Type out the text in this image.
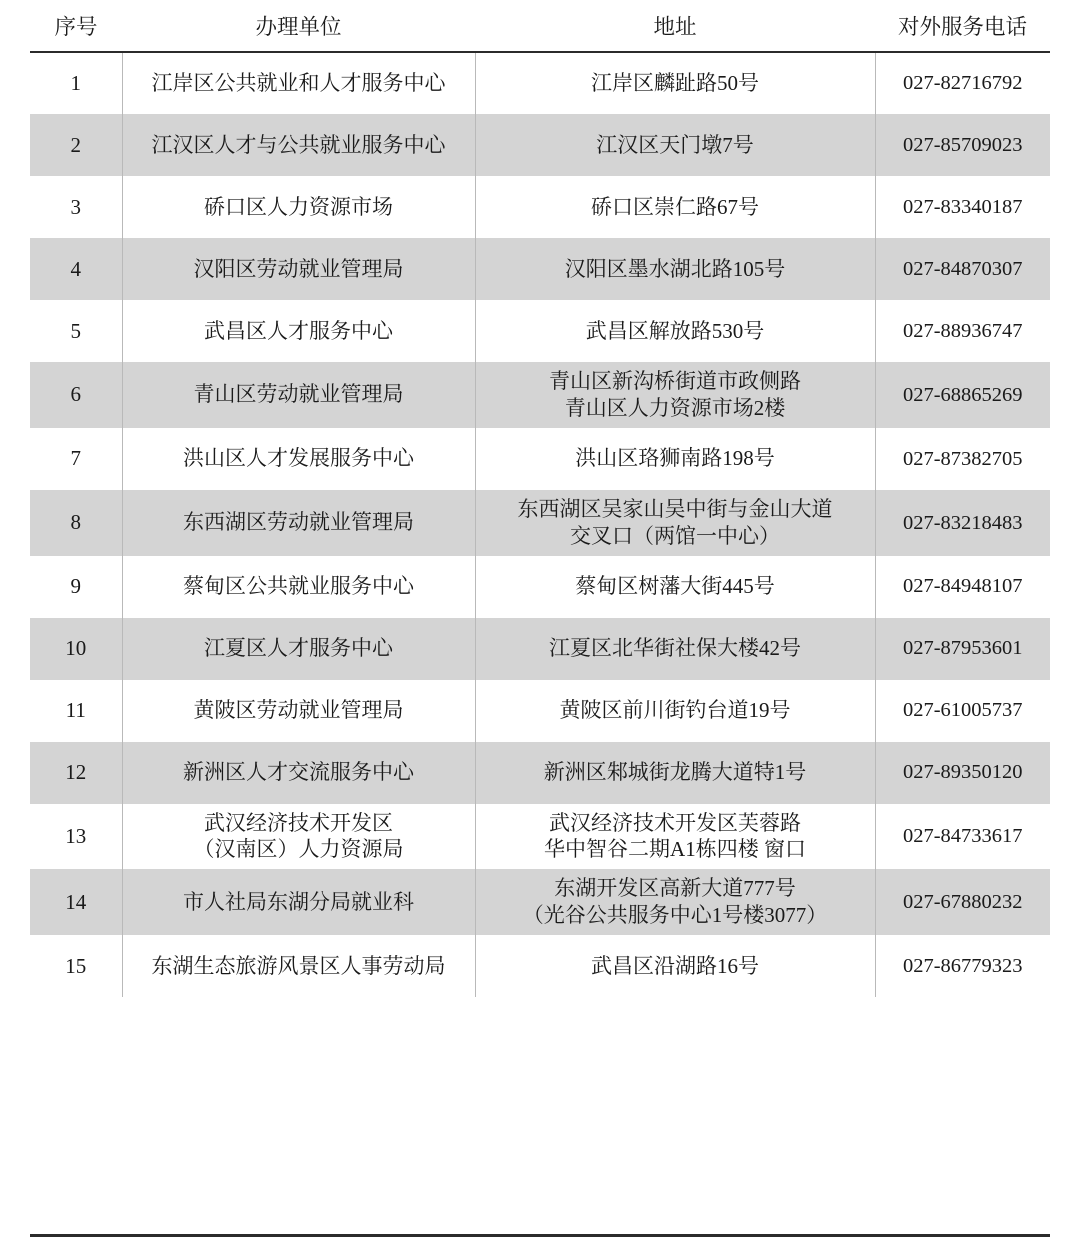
序号	办理单位	地址	对外服务电话
1	江岸区公共就业和人才服务中心	江岸区麟趾路50号	027-82716792
2	江汉区人才与公共就业服务中心	江汉区天门墩7号	027-85709023
3	硚口区人力资源市场	硚口区崇仁路67号	027-83340187
4	汉阳区劳动就业管理局	汉阳区墨水湖北路105号	027-84870307
5	武昌区人才服务中心	武昌区解放路530号	027-88936747
6	青山区劳动就业管理局	青山区新沟桥街道市政侧路
青山区人力资源市场2楼	027-68865269
7	洪山区人才发展服务中心	洪山区珞狮南路198号	027-87382705
8	东西湖区劳动就业管理局	东西湖区吴家山吴中街与金山大道
交叉口（两馆一中心）	027-83218483
9	蔡甸区公共就业服务中心	蔡甸区树藩大街445号	027-84948107
10	江夏区人才服务中心	江夏区北华街社保大楼42号	027-87953601
11	黄陂区劳动就业管理局	黄陂区前川街钓台道19号	027-61005737
12	新洲区人才交流服务中心	新洲区邾城街龙腾大道特1号	027-89350120
13	武汉经济技术开发区
（汉南区）人力资源局	武汉经济技术开发区芙蓉路
华中智谷二期A1栋四楼 窗口	027-84733617
14	市人社局东湖分局就业科	东湖开发区高新大道777号
（光谷公共服务中心1号楼3077）	027-67880232
15	东湖生态旅游风景区人事劳动局	武昌区沿湖路16号	027-86779323
